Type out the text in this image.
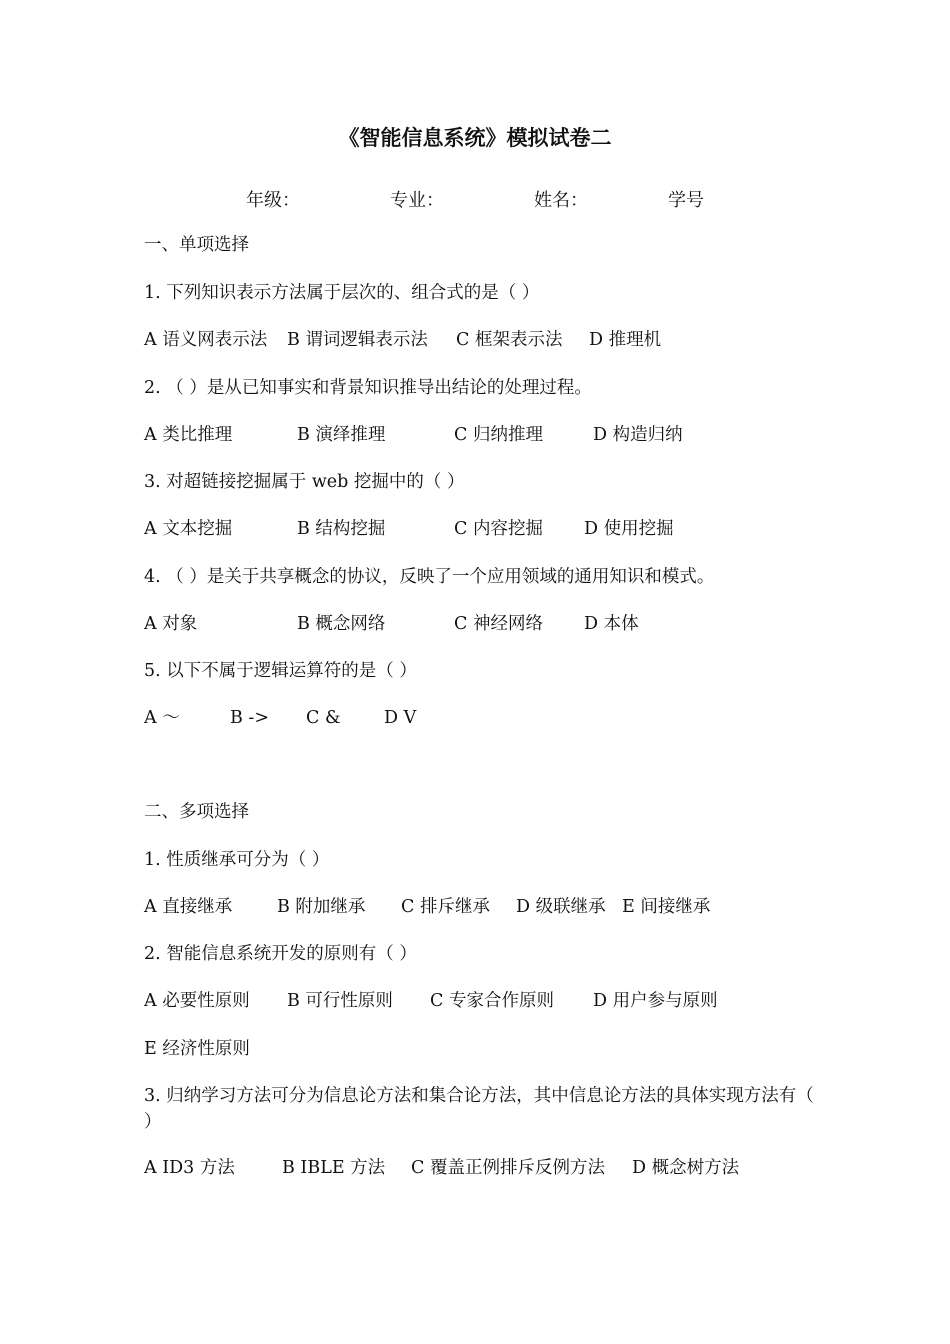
《智能信息系统》模拟试卷二
年级：	专业：	姓名：	学号
一、单项选择
1. 下列知识表示方法属于层次的、组合式的是（ ）
A 语义网表示法 B 谓词逻辑表示法 C 框架表示法 D 推理机
2. （ ）是从已知事实和背景知识推导出结论的处理过程。
A 类比推理	B 演绎推理	C 归纳推理	D 构造归纳
3. 对超链接挖掘属于 web 挖掘中的（ ）
A 文本挖掘	B 结构挖掘	C 内容挖掘 D 使用挖掘
4. （ ）是关于共享概念的协议，反映了一个应用领域的通用知识和模式。
A 对象	B 概念网络	C 神经网络 D 本体
5. 以下不属于逻辑运算符的是（ ）
A ～	B -> C & D V
二、多项选择
1. 性质继承可分为（ ）
A 直接继承	B 附加继承 C 排斥继承 D 级联继承 E 间接继承
2. 智能信息系统开发的原则有（ ）
A 必要性原则 B 可行性原则 C 专家合作原则 D 用户参与原则
E 经济性原则
3. 归纳学习方法可分为信息论方法和集合论方法，其中信息论方法的具体实现方法有（ ）
A ID3 方法	B IBLE 方法 C 覆盖正例排斥反例方法 D 概念树方法
